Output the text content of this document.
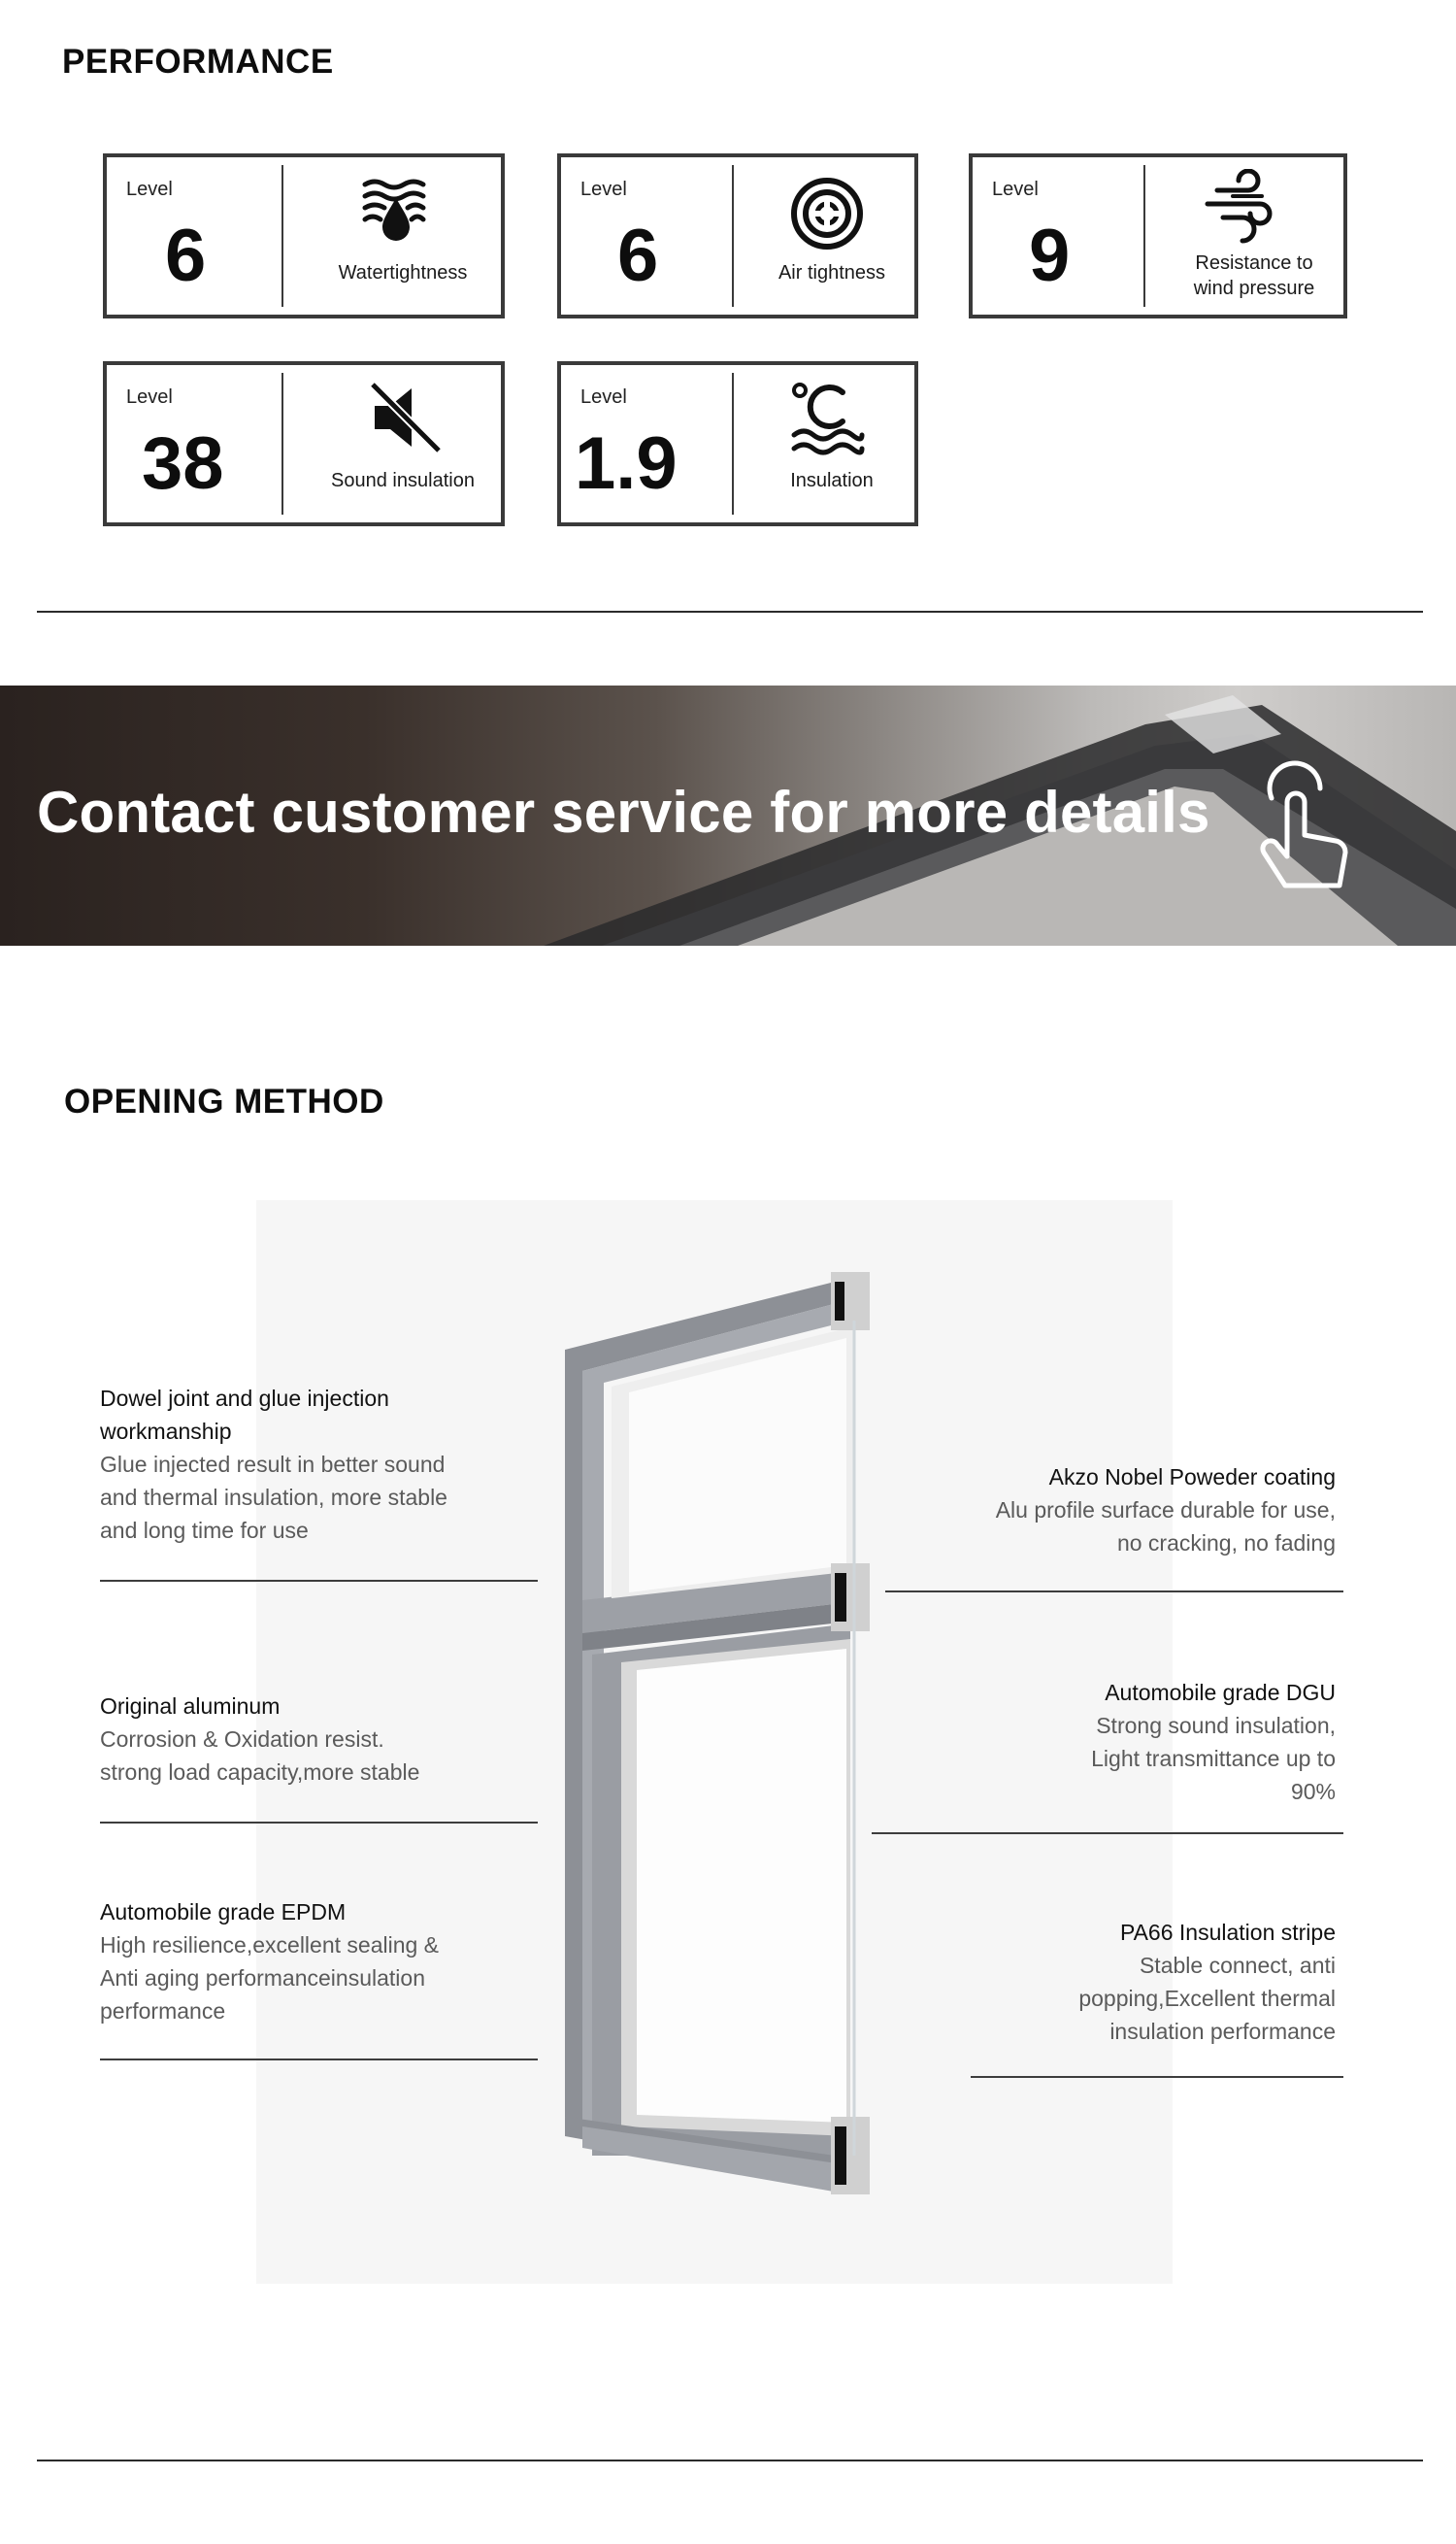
PERFORMANCE
Level
6	Watertightness
Level
6	Air tightness
Level
9	Resistance to
wind pressure
Level
38	Sound insulation
Level
1.9	Insulation
Contact customer service for more details
OPENING METHOD
Dowel joint and glue injection
workmanship
Glue injected result in better sound
and thermal insulation, more stable
and long time for use
Original aluminum
Corrosion & Oxidation resist.
strong load capacity,more stable
Automobile grade EPDM
High resilience,excellent sealing &
Anti aging performanceinsulation
performance
Akzo Nobel Poweder coating
Alu profile surface durable for use,
no cracking, no fading
Automobile grade DGU
Strong sound insulation,
Light transmittance up to
90%
PA66 Insulation stripe
Stable connect, anti
popping,Excellent thermal
insulation performance
